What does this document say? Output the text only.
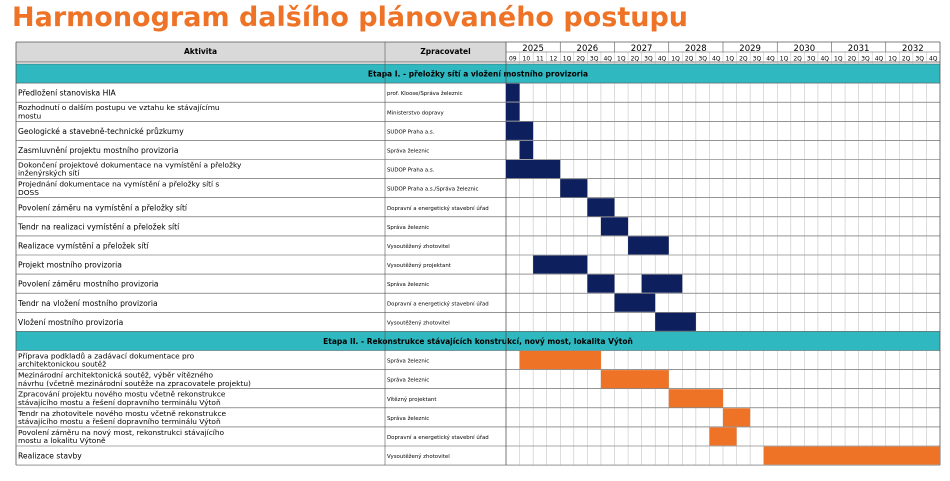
Harmonogram dalšího plánovaného postupu
Aktivita	Zpracovatel	2025	2026	2027	2028	2029	2030	2031	2032
09 10 11 12 1Q 2Q 3Q 4Q 1Q 2Q 3Q 4Q 1Q 2Q 3Q 4Q 1Q 2Q 3Q 4Q 1Q 2Q 3Q 4Q 1Q 2Q 3Q 4Q 1Q 2Q 3Q 4Q
Etapa I. - přeložky sítí a vložení mostního provizoria
Předložení stanoviska HIA	prof. Kloose/Správa železnic
Rozhodnutí o dalším postupu ve vztahu ke stávajícímu mostu	Ministerstvo dopravy
Geologické a stavebně-technické průzkumy	SUDOP Praha a.s.
Zasmluvnění projektu mostního provizoria	Správa železnic
Dokončení projektové dokumentace na vymístění a přeložky inženýrských sítí	SUDOP Praha a.s.
Projednání dokumentace na vymístění a přeložky sítí s DOSS	SUDOP Praha a.s./Správa železnic
Povolení záměru na vymístění a přeložky sítí	Dopravní a energetický stavební úřad
Tendr na realizaci vymístění a přeložek sítí	Správa železnic
Realizace vymístění a přeložek sítí	Vysoutěžený zhotovitel
Projekt mostního provizoria	Vysoutěžený projektant
Povolení záměru mostního provizoria	Správa železnic
Tendr na vložení mostního provizoria	Dopravní a energetický stavební úřad
Vložení mostního provizoria	Vysoutěžený zhotovitel
Etapa II. - Rekonstrukce stávajících konstrukcí, nový most, lokalita Výtoň
Příprava podkladů a zadávací dokumentace pro architektonickou soutěž	Správa železnic
Mezinárodní architektonická soutěž, výběr vítězného návrhu (včetně mezinárodní soutěže na zpracovatele projektu)	Správa železnic
Zpracování projektu nového mostu včetně rekonstrukce stávajícího mostu a řešení dopravního terminálu Výtoň	Vítězný projektant
Tendr na zhotovitele nového mostu včetně rekonstrukce stávajícího mostu a řešení dopravního terminálu Výtoň	Správa železnic
Povolení záměru na nový most, rekonstrukci stávajícího mostu a lokalitu Výtoně	Dopravní a energetický stavební úřad
Realizace stavby	Vysoutěžený zhotovitel
